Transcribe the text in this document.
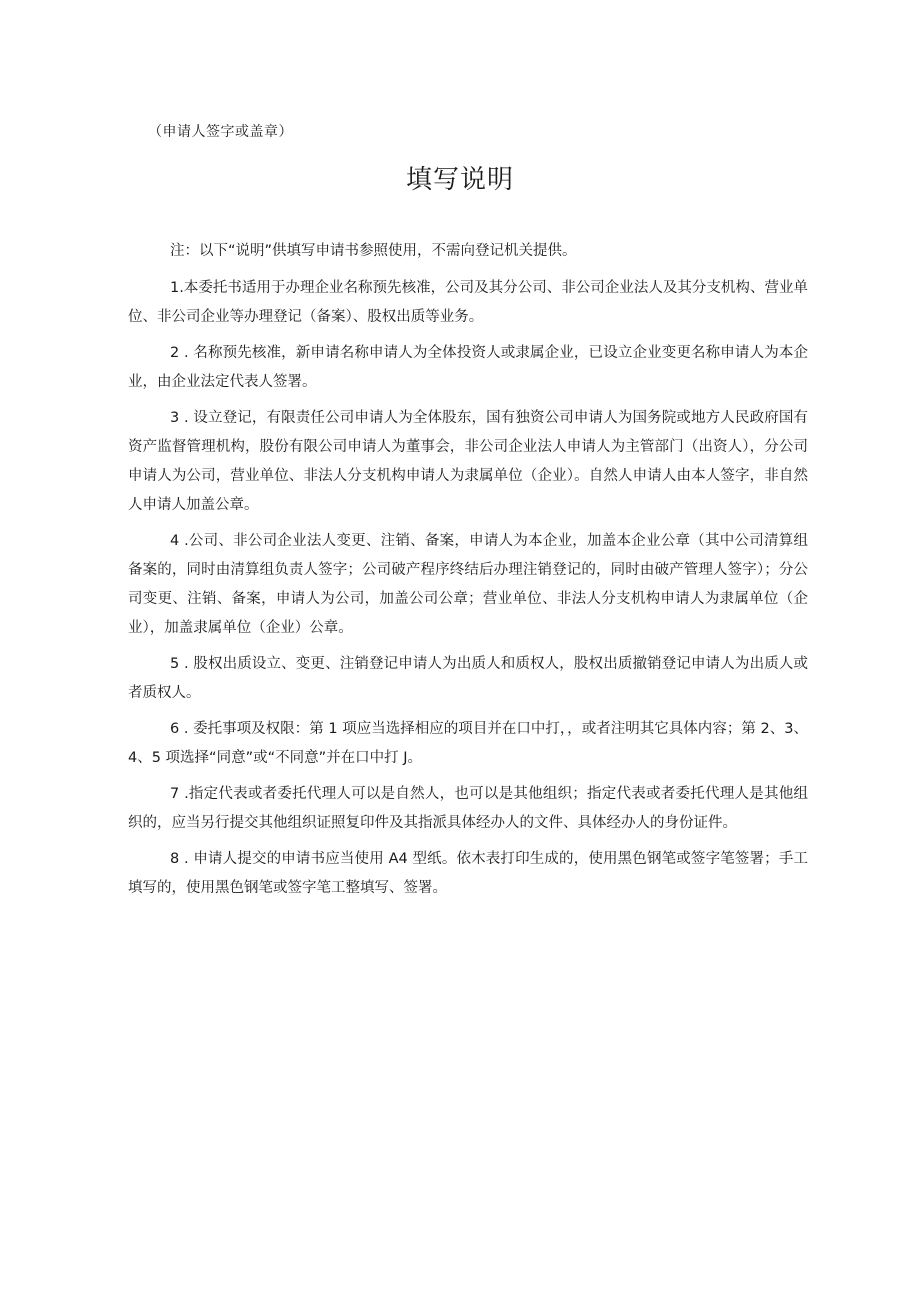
（申请人签字或盖章）
填写说明

注：以下“说明”供填写申请书参照使用，不需向登记机关提供。

1.本委托书适用于办理企业名称预先核准，公司及其分公司、非公司企业法人及其分支机构、营业单位、非公司企业等办理登记（备案）、股权出质等业务。

2 . 名称预先核准，新申请名称申请人为全体投资人或隶属企业，已设立企业变更名称申请人为本企业，由企业法定代表人签署。

3 . 设立登记，有限责任公司申请人为全体股东，国有独资公司申请人为国务院或地方人民政府国有资产监督管理机构，股份有限公司申请人为董事会，非公司企业法人申请人为主管部门（出资人），分公司申请人为公司，营业单位、非法人分支机构申请人为隶属单位（企业）。自然人申请人由本人签字，非自然人申请人加盖公章。

4 .公司、非公司企业法人变更、注销、备案，申请人为本企业，加盖本企业公章（其中公司清算组备案的，同时由清算组负责人签字；公司破产程序终结后办理注销登记的，同时由破产管理人签字）；分公司变更、注销、备案，申请人为公司，加盖公司公章；营业单位、非法人分支机构申请人为隶属单位（企业），加盖隶属单位（企业）公章。

5 . 股权出质设立、变更、注销登记申请人为出质人和质权人，股权出质撤销登记申请人为出质人或者质权人。

6 . 委托事项及权限：第 1 项应当选择相应的项目并在口中打，，或者注明其它具体内容；第 2、3、4、5 项选择“同意”或“不同意”并在口中打 J。

7 .指定代表或者委托代理人可以是自然人，也可以是其他组织；指定代表或者委托代理人是其他组织的，应当另行提交其他组织证照复印件及其指派具体经办人的文件、具体经办人的身份证件。

8 . 申请人提交的申请书应当使用 A4 型纸。依木表打印生成的，使用黑色钢笔或签字笔签署；手工填写的，使用黑色钢笔或签字笔工整填写、签署。
